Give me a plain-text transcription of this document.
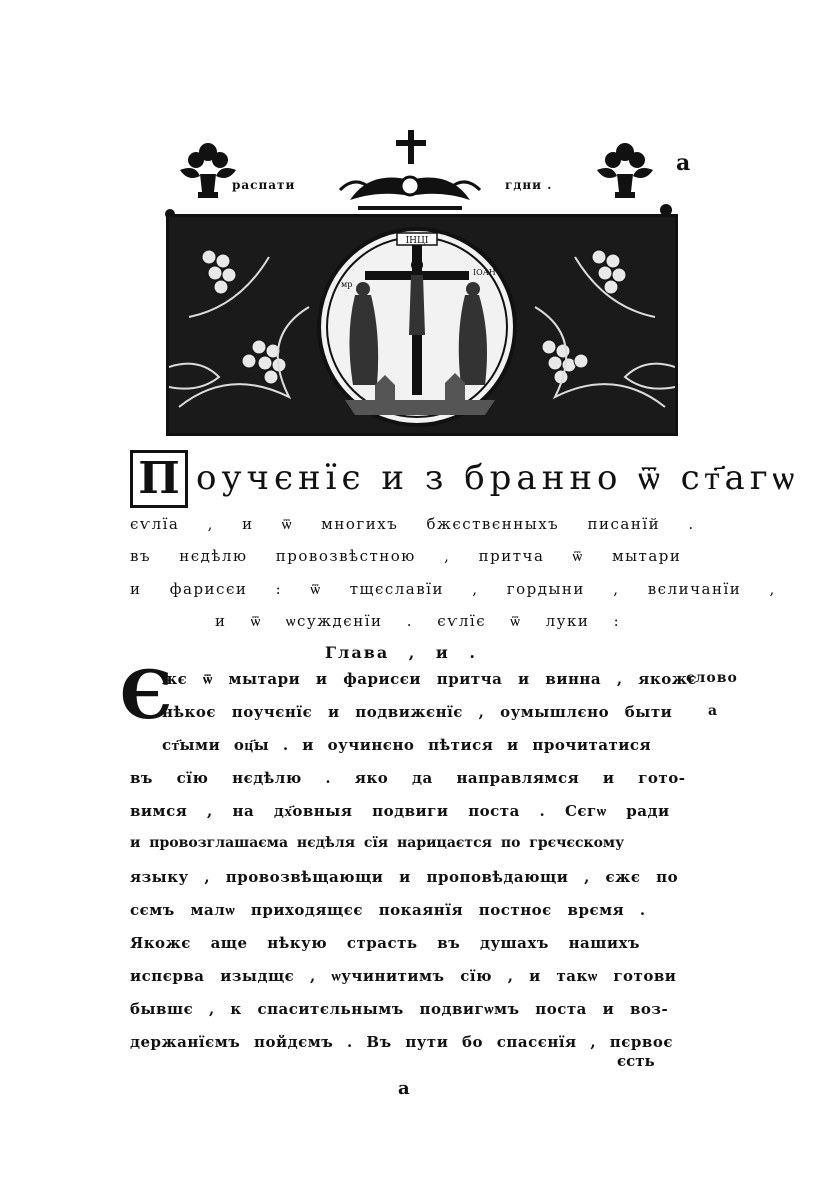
распати	гдни .
а
ІНЦІ
мр
ІОАН
П оучєнїє и з бранно ѿ ст҃агѡ
єѵлїа , и ѿ многихъ бжєствєнныхъ писанїй .
въ нєдѣлю провозвѣстною , притча ѿ мытари
и фарисєи : ѿ тщєславїи , гордыни , вєличанїи ,
и ѿ ѡсуждєнїи . єѵлїє ѿ луки :
Глава , и .
Є
жє ѿ мытари и фарисєи притча и винна , якожє
нѣкоє поучєнїє и подвижєнїє , оумышлєно быти
ст҃ыми оц҃ы . и оучинєно пѣтися и прочитатися
въ сїю нєдѣлю . яко да направлямся и гото-
вимся , на дх҃овныя подвиги поста . Сєгѡ ради
и провозглашаєма нєдѣля сїя нарицаєтся по грєчєскому
языку , провозвѣщающи и проповѣдающи , єжє по
сємъ малѡ приходящєє покаянїя постноє врємя .
Якожє аще нѣкую страсть въ душахъ нашихъ
испєрва изыдщє , ѡучинитимъ сїю , и такѡ готови
бывшє , к спаситєльнымъ подвигѡмъ поста и воз-
держанїємъ пойдємъ . Въ пути бо спасєнїя , пєрвоє
єсть
а
слово
а
